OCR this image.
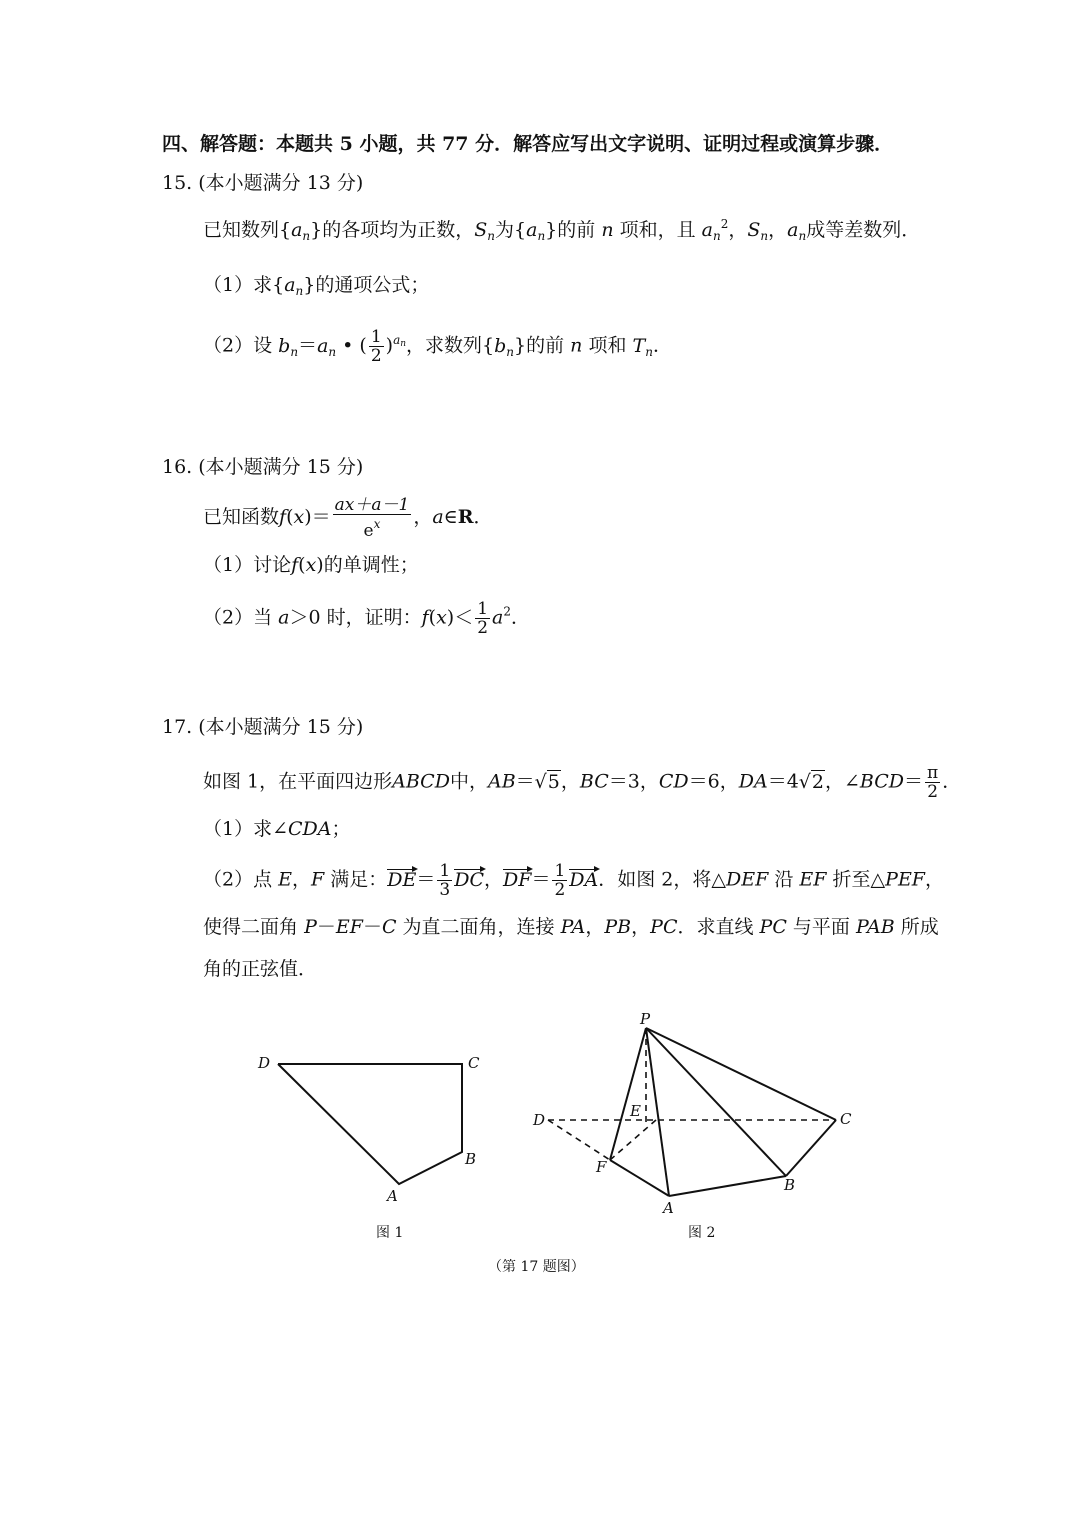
四、解答题：本题共 5 小题，共 77 分．解答应写出文字说明、证明过程或演算步骤．
15. (本小题满分 13 分)
已知数列$\{a_n\}$的各项均为正数，$S_n$为$\{a_n\}$的前 n 项和，且 $a_n^2$，$S_n$，$a_n$成等差数列．
（1）求$\{a_n\}$的通项公式；
（2）设 $b_n=a_n$ • ( $\frac{1}{2} )^{a_n}$，求数列$\{b_n\}$的前 n 项和 $T_n$．
16. (本小题满分 15 分)
已知函数$f(x)= \frac{ax+a-1}{e^x}$ ，a∈R．
（1）讨论f(x)的单调性；
（2）当 a＞0 时，证明：$f(x)< \frac{1}{2} a^2$．
17. (本小题满分 15 分)
如图 1，在平面四边形ABCD中，AB＝√5，BC＝3，CD＝6，DA＝4√2，∠BCD＝ $\frac{\pi}{2}$ ．
（1）求∠CDA；
（2）点 E，F 满足：$DE= \frac{1}{3}$ DC，$DF= \frac{1}{2}$ DA．如图 2，将△DEF 沿 EF 折至△PEF，
使得二面角 P－EF－C 为直二面角，连接 PA，PB，PC．求直线 PC 与平面 PAB 所成
角的正弦值．
D	C
B
A
P
D	E
F
A
B
C
图 1	图 2
（第 17 题图）
